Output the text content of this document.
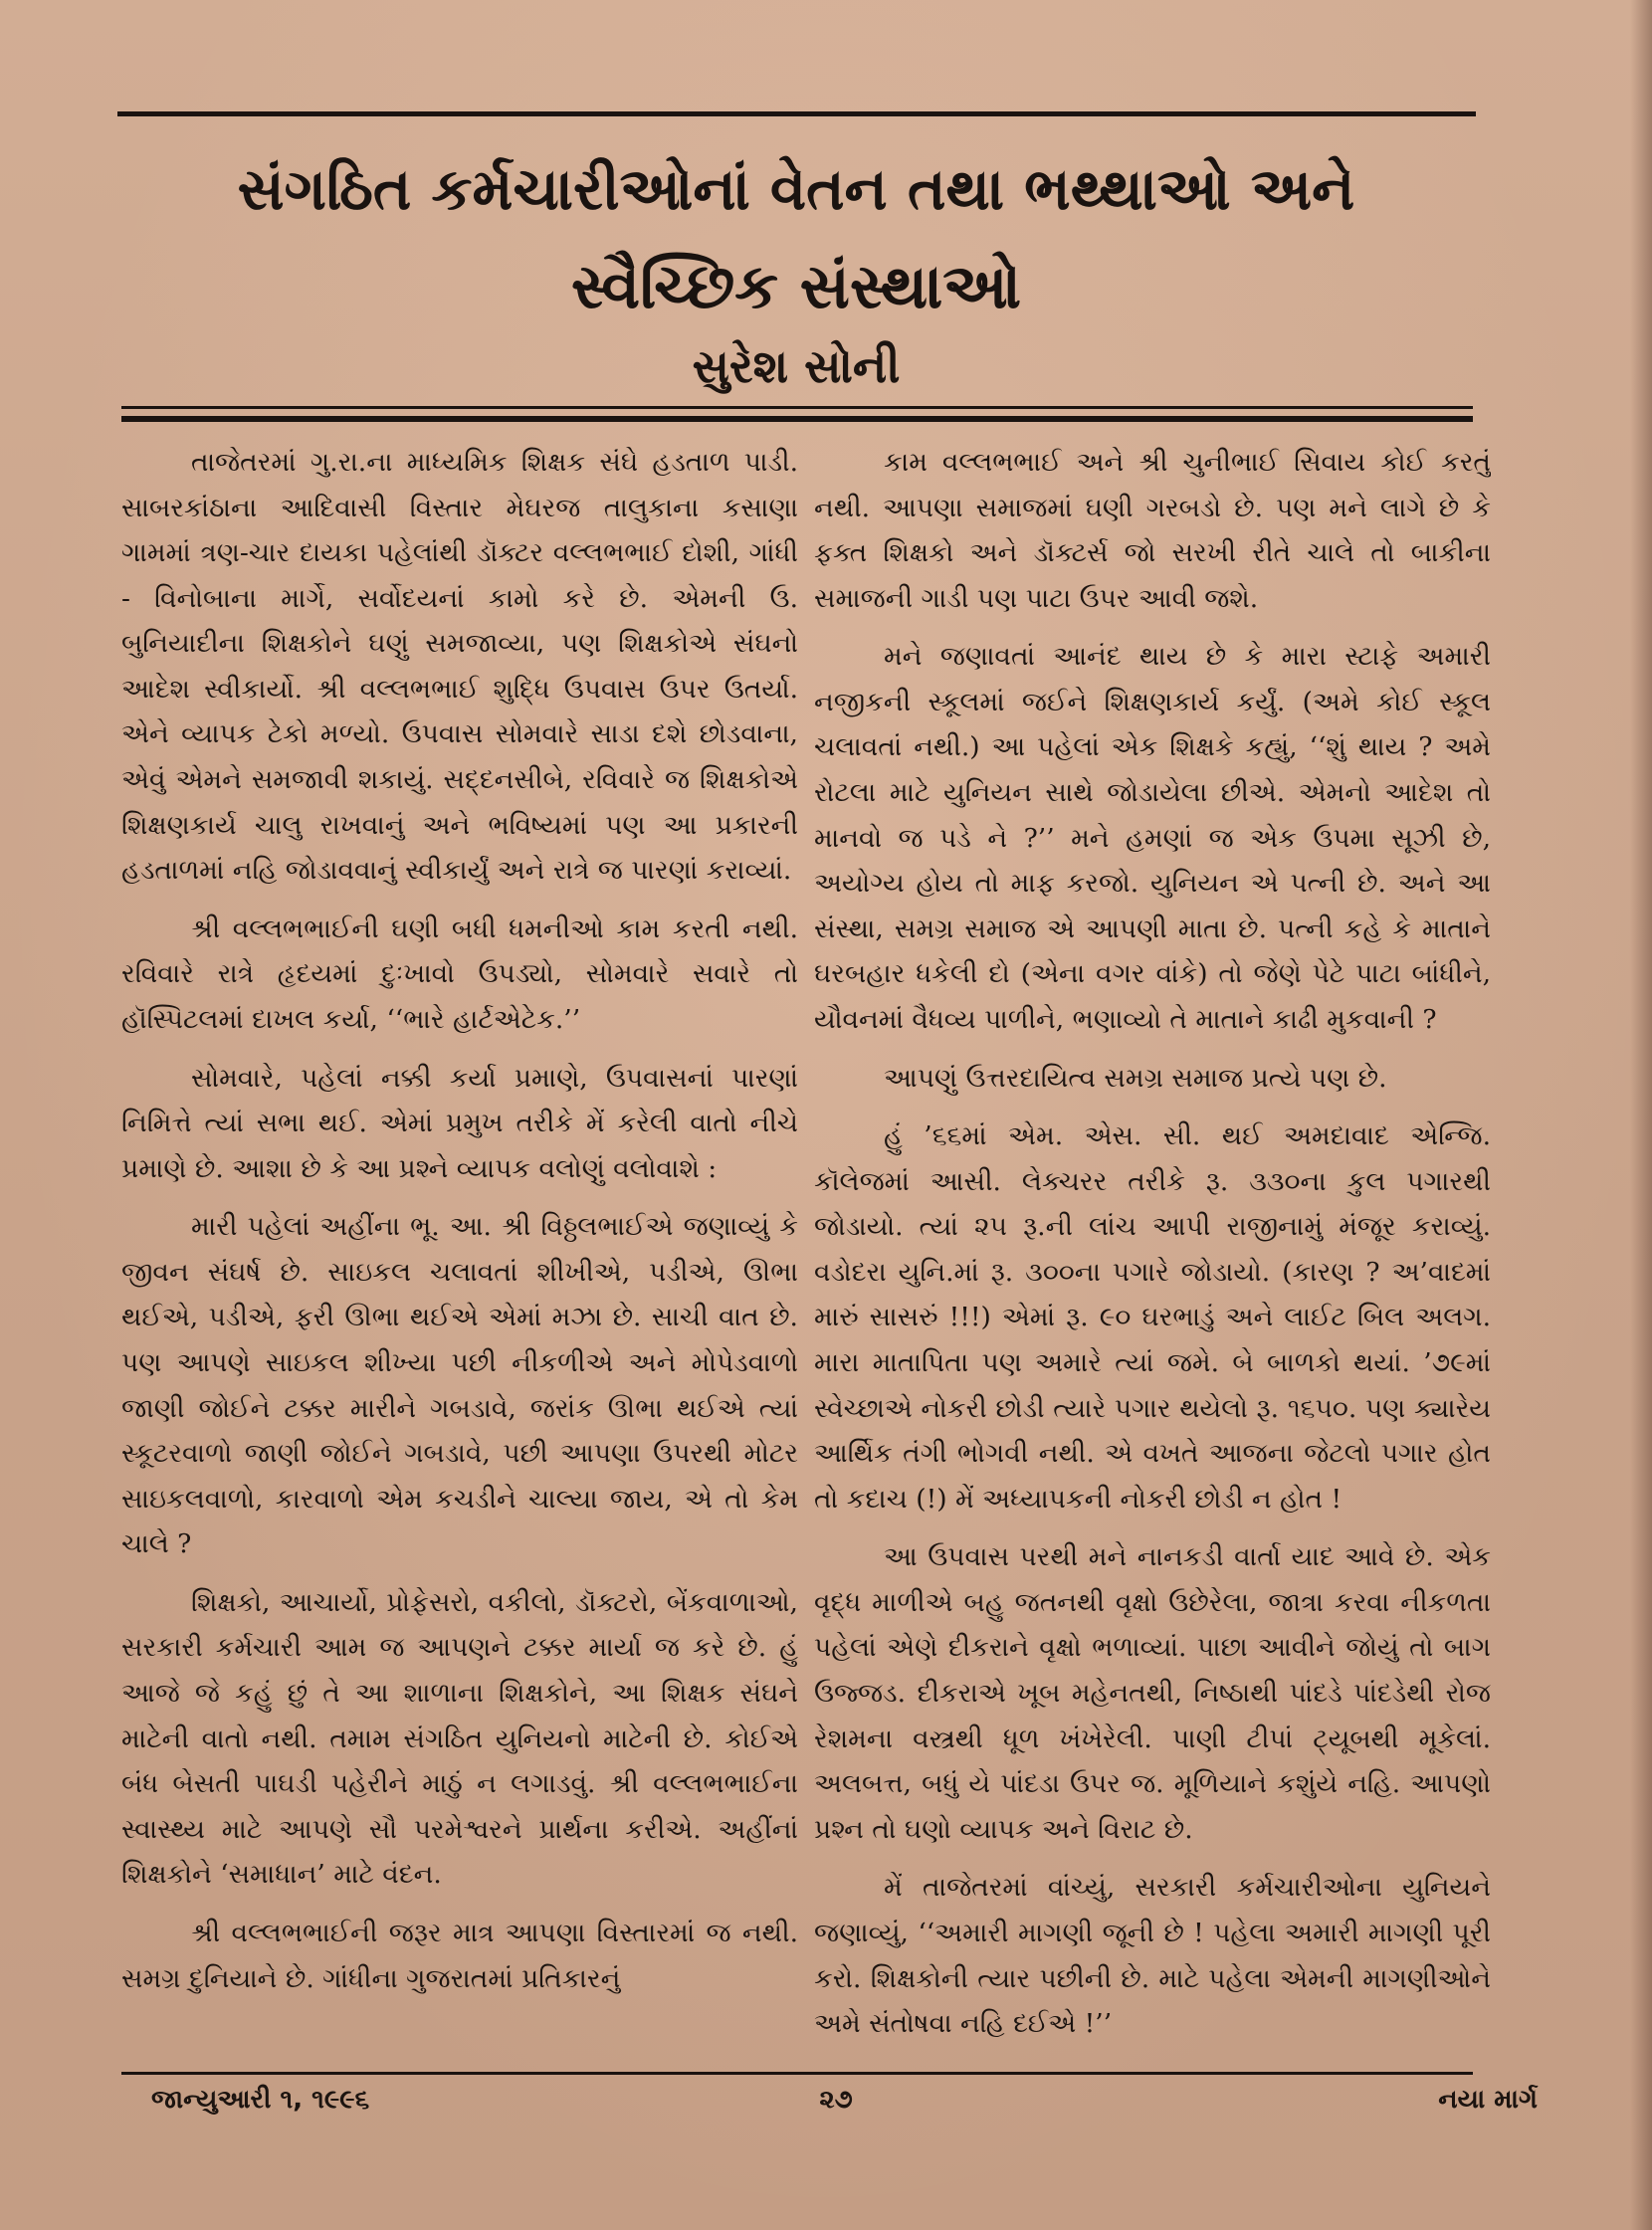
સંગઠિત કર્મચારીઓનાં વેતન તથા ભથ્થાઓ અને
સ્વૈચ્છિક સંસ્થાઓ
સુરેશ સોની

તાજેતરમાં ગુ.રા.ના માધ્યમિક શિક્ષક સંઘે હડતાળ પાડી. સાબરકાંઠાના આદિવાસી વિસ્તાર મેઘરજ તાલુકાના કસાણા ગામમાં ત્રણ-ચાર દાયકા પહેલાંથી ડૉક્ટર વલ્લભભાઈ દોશી, ગાંધી - વિનોબાના માર્ગે, સર્વોદયનાં કામો કરે છે. એમની ઉ. બુનિયાદીના શિક્ષકોને ઘણું સમજાવ્યા, પણ શિક્ષકોએ સંઘનો આદેશ સ્વીકાર્યો. શ્રી વલ્લભભાઈ શુદ્ધિ ઉપવાસ ઉપર ઉતર્યા. એને વ્યાપક ટેકો મળ્યો. ઉપવાસ સોમવારે સાડા દશે છોડવાના, એવું એમને સમજાવી શકાયું. સદ્દનસીબે, રવિવારે જ શિક્ષકોએ શિક્ષણકાર્ય ચાલુ રાખવાનું અને ભવિષ્યમાં પણ આ પ્રકારની હડતાળમાં નહિ જોડાવવાનું સ્વીકાર્યું અને રાત્રે જ પારણાં કરાવ્યાં.

શ્રી વલ્લભભાઈની ઘણી બધી ધમનીઓ કામ કરતી નથી. રવિવારે રાત્રે હૃદયમાં દુઃખાવો ઉપડ્યો, સોમવારે સવારે તો હૉસ્પિટલમાં દાખલ કર્યા, ‘‘ભારે હાર્ટએટેક.’’

સોમવારે, પહેલાં નક્કી કર્યા પ્રમાણે, ઉપવાસનાં પારણાં નિમિત્તે ત્યાં સભા થઈ. એમાં પ્રમુખ તરીકે મેં કરેલી વાતો નીચે પ્રમાણે છે. આશા છે કે આ પ્રશ્ને વ્યાપક વલોણું વલોવાશે :

મારી પહેલાં અહીંના ભૂ. આ. શ્રી વિઠ્ઠલભાઈએ જણાવ્યું કે જીવન સંઘર્ષ છે. સાઇકલ ચલાવતાં શીખીએ, પડીએ, ઊભા થઈએ, પડીએ, ફરી ઊભા થઈએ એમાં મઝા છે. સાચી વાત છે. પણ આપણે સાઇકલ શીખ્યા પછી નીકળીએ અને મોપેડવાળો જાણી જોઈને ટક્કર મારીને ગબડાવે, જરાંક ઊભા થઈએ ત્યાં સ્કૂટરવાળો જાણી જોઈને ગબડાવે, પછી આપણા ઉપરથી મોટર સાઇકલવાળો, કારવાળો એમ કચડીને ચાલ્યા જાય, એ તો કેમ ચાલે ?

શિક્ષકો, આચાર્યો, પ્રોફેસરો, વકીલો, ડૉક્ટરો, બેંકવાળાઓ, સરકારી કર્મચારી આમ જ આપણને ટક્કર માર્યા જ કરે છે. હું આજે જે કહું છું તે આ શાળાના શિક્ષકોને, આ શિક્ષક સંઘને માટેની વાતો નથી. તમામ સંગઠિત યુનિયનો માટેની છે. કોઈએ બંધ બેસતી પાઘડી પહેરીને માઠું ન લગાડવું. શ્રી વલ્લભભાઈના સ્વાસ્થ્ય માટે આપણે સૌ પરમેશ્વરને પ્રાર્થના કરીએ. અહીંનાં શિક્ષકોને ‘સમાધાન’ માટે વંદન.

શ્રી વલ્લભભાઈની જરૂર માત્ર આપણા વિસ્તારમાં જ નથી. સમગ્ર દુનિયાને છે. ગાંધીના ગુજરાતમાં પ્રતિકારનું

કામ વલ્લભભાઈ અને શ્રી ચુનીભાઈ સિવાય કોઈ કરતું નથી. આપણા સમાજમાં ઘણી ગરબડો છે. પણ મને લાગે છે કે ફક્ત શિક્ષકો અને ડૉક્ટર્સ જો સરખી રીતે ચાલે તો બાકીના સમાજની ગાડી પણ પાટા ઉપર આવી જશે.

મને જણાવતાં આનંદ થાય છે કે મારા સ્ટાફે અમારી નજીકની સ્કૂલમાં જઈને શિક્ષણકાર્ય કર્યું. (અમે કોઈ સ્કૂલ ચલાવતાં નથી.) આ પહેલાં એક શિક્ષકે કહ્યું, ‘‘શું થાય ? અમે રોટલા માટે યુનિયન સાથે જોડાયેલા છીએ. એમનો આદેશ તો માનવો જ પડે ને ?’’ મને હમણાં જ એક ઉપમા સૂઝી છે, અયોગ્ય હોય તો માફ કરજો. યુનિયન એ પત્ની છે. અને આ સંસ્થા, સમગ્ર સમાજ એ આપણી માતા છે. પત્ની કહે કે માતાને ઘરબહાર ધકેલી દો (એના વગર વાંકે) તો જેણે પેટે પાટા બાંધીને, યૌવનમાં વૈધવ્ય પાળીને, ભણાવ્યો તે માતાને કાઢી મુકવાની ?

આપણું ઉત્તરદાયિત્વ સમગ્ર સમાજ પ્રત્યે પણ છે.

હું ’૬૬માં એમ. એસ. સી. થઈ અમદાવાદ એન્જિ. કૉલેજમાં આસી. લેક્ચરર તરીકે રૂ. ૩૩૦ના કુલ પગારથી જોડાયો. ત્યાં ૨૫ રૂ.ની લાંચ આપી રાજીનામું મંજૂર કરાવ્યું. વડોદરા યુનિ.માં રૂ. ૩૦૦ના પગારે જોડાયો. (કારણ ? અ’વાદમાં મારું સાસરું !!!) એમાં રૂ. ૯૦ ઘરભાડું અને લાઈટ બિલ અલગ. મારા માતાપિતા પણ અમારે ત્યાં જમે. બે બાળકો થયાં. ’૭૯માં સ્વેચ્છાએ નોકરી છોડી ત્યારે પગાર થયેલો રૂ. ૧૬૫૦. પણ ક્યારેય આર્થિક તંગી ભોગવી નથી. એ વખતે આજના જેટલો પગાર હોત તો કદાચ (!) મેં અધ્યાપકની નોકરી છોડી ન હોત !

આ ઉપવાસ પરથી મને નાનકડી વાર્તા યાદ આવે છે. એક વૃદ્ધ માળીએ બહુ જતનથી વૃક્ષો ઉછેરેલા, જાત્રા કરવા નીકળતા પહેલાં એણે દીકરાને વૃક્ષો ભળાવ્યાં. પાછા આવીને જોયું તો બાગ ઉજ્જડ. દીકરાએ ખૂબ મહેનતથી, નિષ્ઠાથી પાંદડે પાંદડેથી રોજ રેશમના વસ્ત્રથી ધૂળ ખંખેરેલી. પાણી ટીપાં ટ્યૂબથી મૂકેલાં. અલબત્ત, બધું યે પાંદડા ઉપર જ. મૂળિયાને કશુંયે નહિ. આપણો પ્રશ્ન તો ઘણો વ્યાપક અને વિરાટ છે.

મેં તાજેતરમાં વાંચ્યું, સરકારી કર્મચારીઓના યુનિયને જણાવ્યું, ‘‘અમારી માગણી જૂની છે ! પહેલા અમારી માગણી પૂરી કરો. શિક્ષકોની ત્યાર પછીની છે. માટે પહેલા એમની માગણીઓને અમે સંતોષવા નહિ દઈએ !’’

જાન્યુઆરી ૧, ૧૯૯૬	૨૭	નયા માર્ગ
